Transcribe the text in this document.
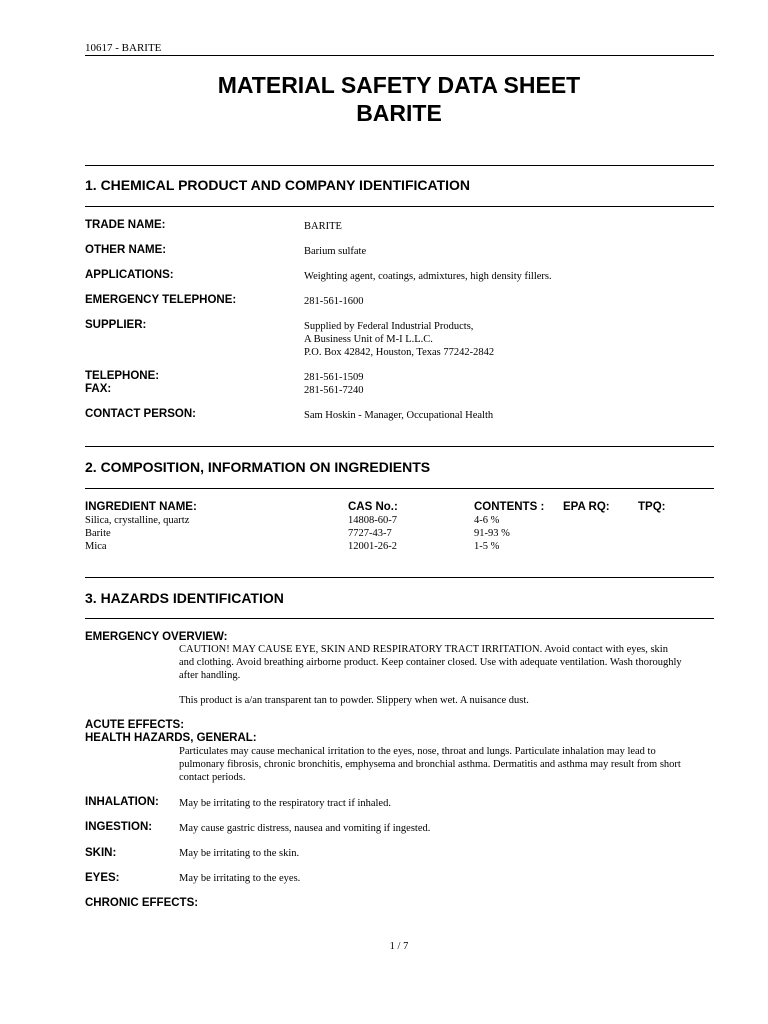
10617 - BARITE
MATERIAL SAFETY DATA SHEET
BARITE
1. CHEMICAL PRODUCT AND COMPANY IDENTIFICATION
TRADE NAME:	BARITE
OTHER NAME:	Barium sulfate
APPLICATIONS:	Weighting agent, coatings, admixtures, high density fillers.
EMERGENCY TELEPHONE:	281-561-1600
SUPPLIER:	Supplied by Federal Industrial Products,
A Business Unit of M-I L.L.C.
P.O. Box 42842, Houston, Texas 77242-2842
TELEPHONE:	281-561-1509
FAX:	281-561-7240
CONTACT PERSON:	Sam Hoskin - Manager, Occupational Health
2. COMPOSITION, INFORMATION ON INGREDIENTS
INGREDIENT NAME:	CAS No.:	CONTENTS : EPA RQ: TPQ:
Silica, crystalline, quartz	14808-60-7	4-6 %
Barite	7727-43-7	91-93 %
Mica	12001-26-2	1-5 %
3. HAZARDS IDENTIFICATION
EMERGENCY OVERVIEW:
CAUTION! MAY CAUSE EYE, SKIN AND RESPIRATORY TRACT IRRITATION. Avoid contact with eyes, skin
and clothing. Avoid breathing airborne product. Keep container closed. Use with adequate ventilation. Wash thoroughly
after handling.
This product is a/an transparent tan to powder. Slippery when wet. A nuisance dust.
ACUTE EFFECTS:
HEALTH HAZARDS, GENERAL:
Particulates may cause mechanical irritation to the eyes, nose, throat and lungs. Particulate inhalation may lead to
pulmonary fibrosis, chronic bronchitis, emphysema and bronchial asthma. Dermatitis and asthma may result from short
contact periods.
INHALATION: May be irritating to the respiratory tract if inhaled.
INGESTION:	May cause gastric distress, nausea and vomiting if ingested.
SKIN:	May be irritating to the skin.
EYES:	May be irritating to the eyes.
CHRONIC EFFECTS:
1 / 7
